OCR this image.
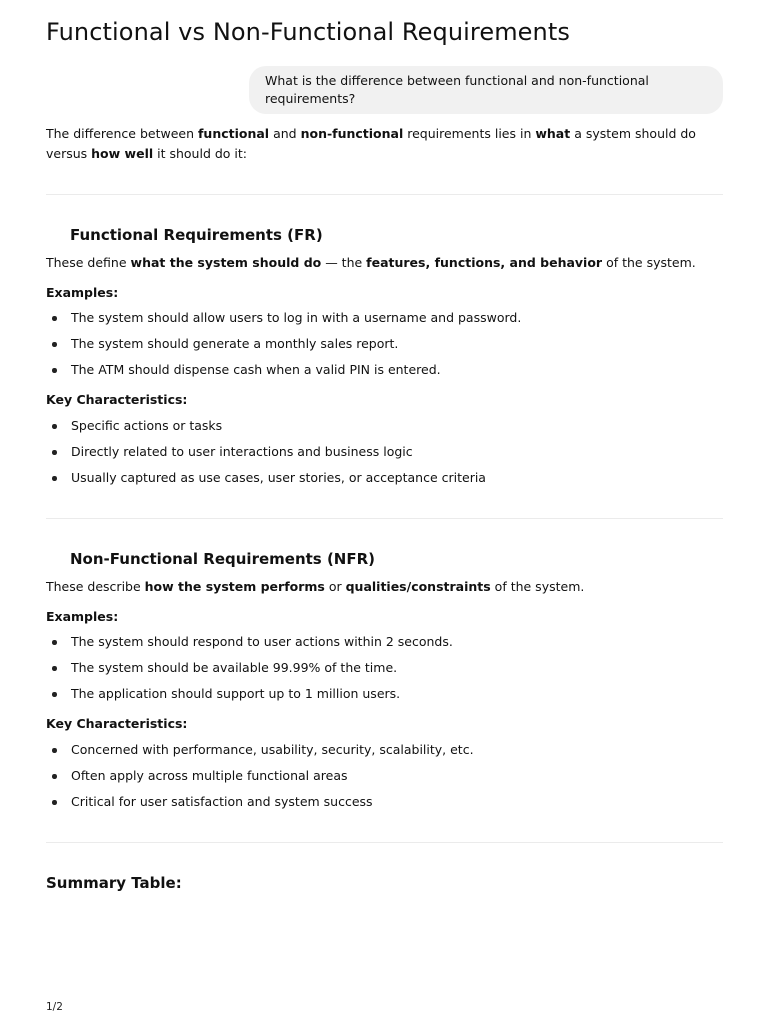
Functional vs Non-Functional Requirements
What is the difference between functional and non-functional requirements?

The difference between functional and non-functional requirements lies in what a system should do versus how well it should do it:

Functional Requirements (FR)

These define what the system should do — the features, functions, and behavior of the system.

Examples:

The system should allow users to log in with a username and password.
The system should generate a monthly sales report.
The ATM should dispense cash when a valid PIN is entered.

Key Characteristics:

Specific actions or tasks
Directly related to user interactions and business logic
Usually captured as use cases, user stories, or acceptance criteria
Non-Functional Requirements (NFR)

These describe how the system performs or qualities/constraints of the system.

Examples:

The system should respond to user actions within 2 seconds.
The system should be available 99.99% of the time.
The application should support up to 1 million users.

Key Characteristics:

Concerned with performance, usability, security, scalability, etc.
Often apply across multiple functional areas
Critical for user satisfaction and system success
Summary Table:
1/2
